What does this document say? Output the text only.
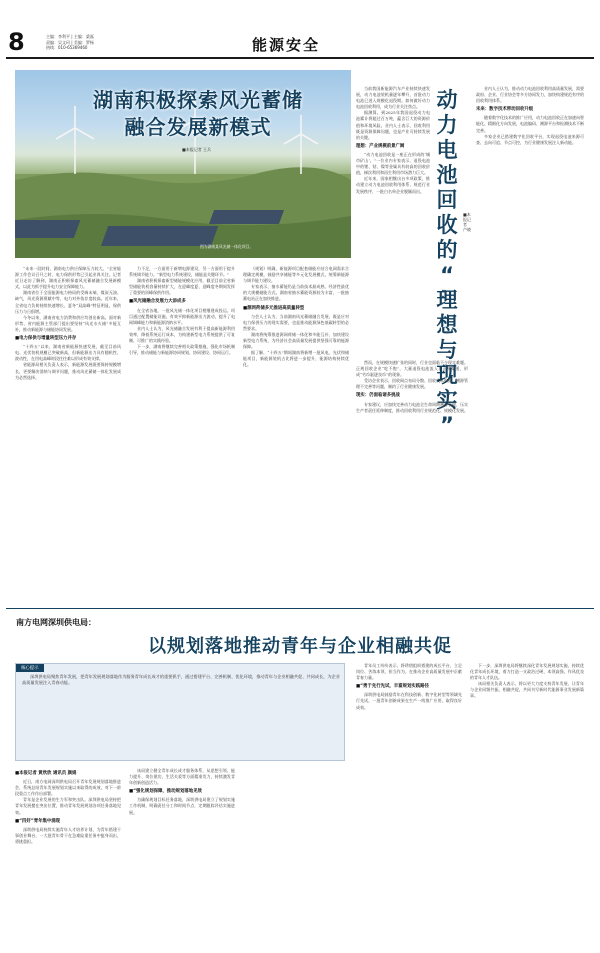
8	主编：李利平 | 主编：梁磊
责编：吴文珂 | 美编：罗杨
热线：010-65369460	能源安全
湖南积极探索风光蓄储
融合发展新模式
■本报记者 王兵
图为湖南某风光储一体化项目。

“未来一段时间，湖南电力供应保障压力较大。”全省能源工作会议召开之时，电力保供形势已引起业界关注。记者近日走访了解到，湖南正积极探索风光蓄储融合发展新模式，以此为抓手提升电力安全保障能力。

湖南省位于全国能源电力格局的受端末端，煤炭无油、缺气，风光资源禀赋中等，电力对外依存度较高。近年来，全省电力负荷持续快速增长，夏冬“双高峰”特征明显，保供压力与日俱增。

今冬以来，湖南省电力消费和供应均创出新高。面对新形势，省内能源主管部门提出要坚持“风光水火储”多能互补，推动新能源与储能协同发展。

■电力保供与增量转型压力并存

“十四五”以来，湖南省新能源快速发展，截至目前风电、光伏装机规模已突破新高，但新能源出力具有随机性、波动性，在用电高峰时段往往难以形成有效支撑。

省能源局相关负责人表示，新能源发展既要保持规模增长，更要解决消纳与调节问题，推动风光蓄储一体化发展成为必然选择。

力不足，一方面用于新增电源建设，另一方面用于提升系统调节能力。“新型电力系统建设，储能是关键环节。”

湖南省积极探索新型储能规模化应用，截至目前全省新型储能装机容量持续扩大，在迎峰度夏、迎峰度冬期间发挥了重要的顶峰保供作用。

■风光储融合发展力大添成多

在全省各地，一批风光储一体化项目相继建成投运。项目通过配置储能设施，有效平抑新能源出力波动，提升了电网调峰能力和新能源消纳水平。

业内人士认为，风光储融合发展有利于提高新能源利用效率，降低系统运行成本，为构建新型电力系统提供了可复制、可推广的实践经验。

下一步，湖南将继续完善相关政策措施，强化市场机制引导，推动储能与新能源协同规划、协同建设、协同运行。

《规划》明确，新能源项目配套储能应结合电网需求合理确定规模，鼓励共享储能等多元化发展模式，统筹新能源与调节能力建设。

专家表示，抽水蓄能仍是当前技术最成熟、经济性最优的大规模储能方式。湖南省抽水蓄能资源较为丰富，一批抽蓄电站正在加快推进。

■源网荷储多元推进高质量转型

与会人士认为，当前湖南风光蓄储融合发展，既是应对电力保供压力的现实需要，也是推动能源绿色低碳转型的必然要求。

湖南将统筹推进源网荷储一体化和多能互补，加快建设新型电力系统，为经济社会高质量发展提供坚强可靠的能源保障。

据了解，“十四五”期间湖南将新增一批风电、光伏和储能项目，新能源装机占比将进一步提升，能源结构持续优化。

动
力
电
池
回
收
的
“
理
想
与
现
实
”
■本报记者 卢晓

当前我国新能源汽车产业持续快速发展，动力电池装机量逐年攀升，首批动力电池已进入规模化退役期。如何做好动力电池回收利用，成为行业关注焦点。

据测算，到2025年我国退役动力电池累计将超过百万吨，蕴含巨大的资源价值和环境风险。业内人士表示，回收利用既是资源保障问题，也是产业可持续发展的关键。

理想：产业规模前景广阔

“动力电池回收是一座正在形成的‘城市矿山’。”一位业内专家表示，退役电池中的锂、钴、镍等金属具有较高的回收价值，梯次利用和再生利用市场潜力巨大。

近年来，国家相继出台多项政策，推动建立动力电池回收利用体系，规范行业发展秩序，一批白名单企业脱颖而出。

然而，在规模快速扩张的同时，行业也面临不少现实难题。正规回收企业“吃不饱”，大量退役电池流入非正规渠道，形成“劣币驱逐良币”的现象。

受访企业表示，回收网点布局分散、回收成本偏高、溯源管理不完善等问题，制约了行业健康发展。

现实：仍面临诸多挑战

专家建议，应加快完善动力电池全生命周期溯源管理，压实生产者责任延伸制度，推动回收利用行业规范化、规模化发展。

业内人士认为，推动动力电池回收利用高质量发展，需要政府、企业、行业协会等多方协同发力，加快构建规范有序的回收利用体系。

未来：数字技术带动回收升级

随着数字化技术的推广应用，动力电池回收正在加速向智能化、精细化方向发展，电池编码、溯源平台和检测技术不断完善。

多家企业已搭建数字化回收平台，实现退役电池来源可查、去向可追、节点可控，为行业健康发展注入新动能。

南方电网深圳供电局：
以规划落地推动青年与企业相融共促
核心提示
深圳供电局聚焦青年发展，把青年发展规划落地作为服务青年成长成才的重要抓手，通过搭建平台、完善机制、优化环境，推动青年与企业相融共促、共同成长，为企业高质量发展注入青春动能。
■本报记者 黄欣欣 通讯员 颜娟

近日，南方电网深圳供电局召开青年发展规划落地推进会，系统总结青年发展规划实施以来取得的成效，对下一阶段重点工作作出部署。

青年是企业发展的生力军和突击队。深圳供电局坚持把青年发展摆在突出位置，推动青年发展规划各项任务落地见效。

■“四好”青年集中涌现

深圳供电局持续实施青年人才培养计划，为青年搭建干事创业舞台，一大批青年骨干在急难险重任务中挺身而出、勇挑重担。

该局建立健全青年成长成才服务体系，从思想引领、能力提升、岗位建功、生活关爱等方面精准发力，持续激发青年创新创造活力。

■“强化规划保障，推动规划落地见效

为确保规划目标任务落地，深圳供电局建立了规划实施工作机制，明确责任分工和时间节点，定期跟踪评估实施进展。

青年员工纷纷表示，将珍惜组织搭建的成长平台，立足岗位、苦练本领、担当作为，在推动企业高质量发展中贡献青春力量。

■“勇于先行先试，丰富规划实践路径

深圳供电局鼓励青年在科技创新、数字化转型等领域先行先试，一批青年创新成果在生产一线推广应用，取得良好成效。

下一步，深圳供电局将继续深化青年发展规划实施，持续优化青年成长环境，着力打造一支政治过硬、本领高强、作风优良的青年人才队伍。

该局相关负责人表示，将以更大力度支持青年发展，让青年与企业同频共振、相融共促，共同书写新时代能源事业发展新篇章。
